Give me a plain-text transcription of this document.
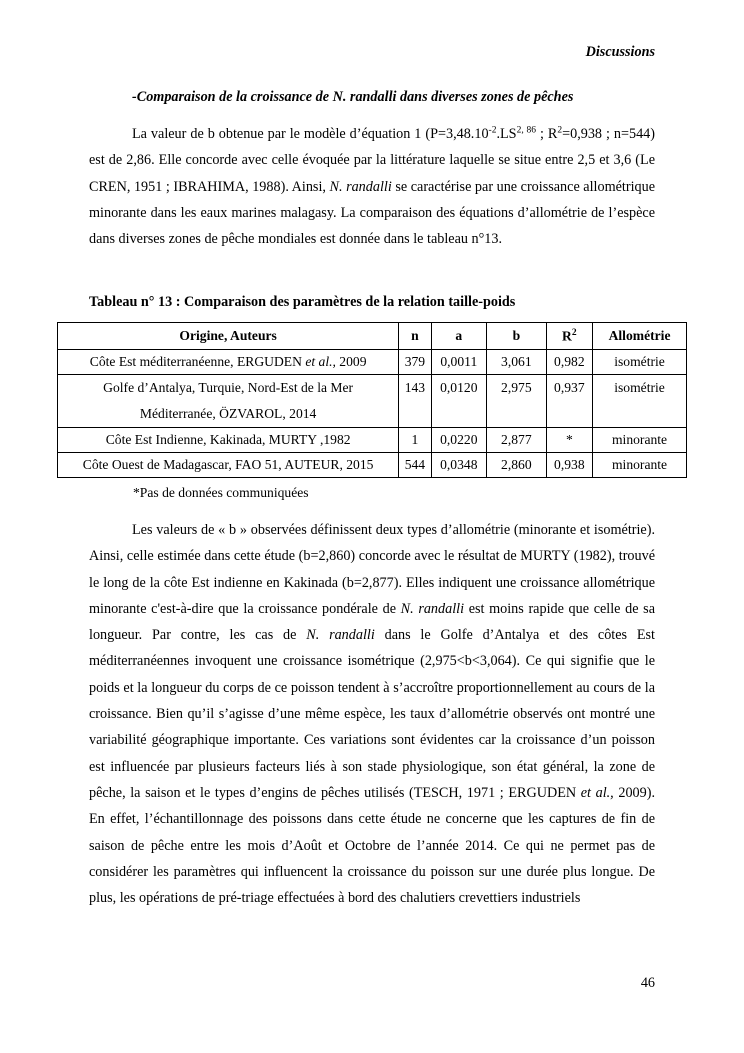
Discussions
-Comparaison de la croissance de N. randalli dans diverses zones de pêches

La valeur de b obtenue par le modèle d’équation 1 ($P=3,48.10^{-2}.LS^{2, 86}$ ; $R^2=0,938$ ; n=544) est de 2,86. Elle concorde avec celle évoquée par la littérature laquelle se situe entre 2,5 et 3,6 (Le CREN, 1951 ; IBRAHIMA, 1988). Ainsi, N. randalli se caractérise par une croissance allométrique minorante dans les eaux marines malagasy. La comparaison des équations d’allométrie de l’espèce dans diverses zones de pêche mondiales est donnée dans le tableau n°13.

Tableau n° 13 : Comparaison des paramètres de la relation taille-poids
Origine, Auteurs	n	a	b	$R^2$	Allométrie
Côte Est méditerranéenne, ERGUDEN et al., 2009	379	0,0011	3,061	0,982	isométrie
Golfe d’Antalya, Turquie, Nord-Est de la Mer
Méditerranée, ÖZVAROL, 2014	143	0,0120	2,975	0,937	isométrie
Côte Est Indienne, Kakinada, MURTY ,1982	1	0,0220	2,877	*	minorante
Côte Ouest de Madagascar, FAO 51, AUTEUR, 2015	544	0,0348	2,860	0,938	minorante
*Pas de données communiquées

Les valeurs de « b » observées définissent deux types d’allométrie (minorante et isométrie). Ainsi, celle estimée dans cette étude (b=2,860) concorde avec le résultat de MURTY (1982), trouvé le long de la côte Est indienne en Kakinada (b=2,877). Elles indiquent une croissance allométrique minorante c'est-à-dire que la croissance pondérale de N. randalli est moins rapide que celle de sa longueur. Par contre, les cas de N. randalli dans le Golfe d’Antalya et des côtes Est méditerranéennes invoquent une croissance isométrique (2,975<b<3,064). Ce qui signifie que le poids et la longueur du corps de ce poisson tendent à s’accroître proportionnellement au cours de la croissance. Bien qu’il s’agisse d’une même espèce, les taux d’allométrie observés ont montré une variabilité géographique importante. Ces variations sont évidentes car la croissance d’un poisson est influencée par plusieurs facteurs liés à son stade physiologique, son état général, la zone de pêche, la saison et le types d’engins de pêches utilisés (TESCH, 1971 ; ERGUDEN et al., 2009). En effet, l’échantillonnage des poissons dans cette étude ne concerne que les captures de fin de saison de pêche entre les mois d’Août et Octobre de l’année 2014. Ce qui ne permet pas de considérer les paramètres qui influencent la croissance du poisson sur une durée plus longue. De plus, les opérations de pré-triage effectuées à bord des chalutiers crevettiers industriels

46
